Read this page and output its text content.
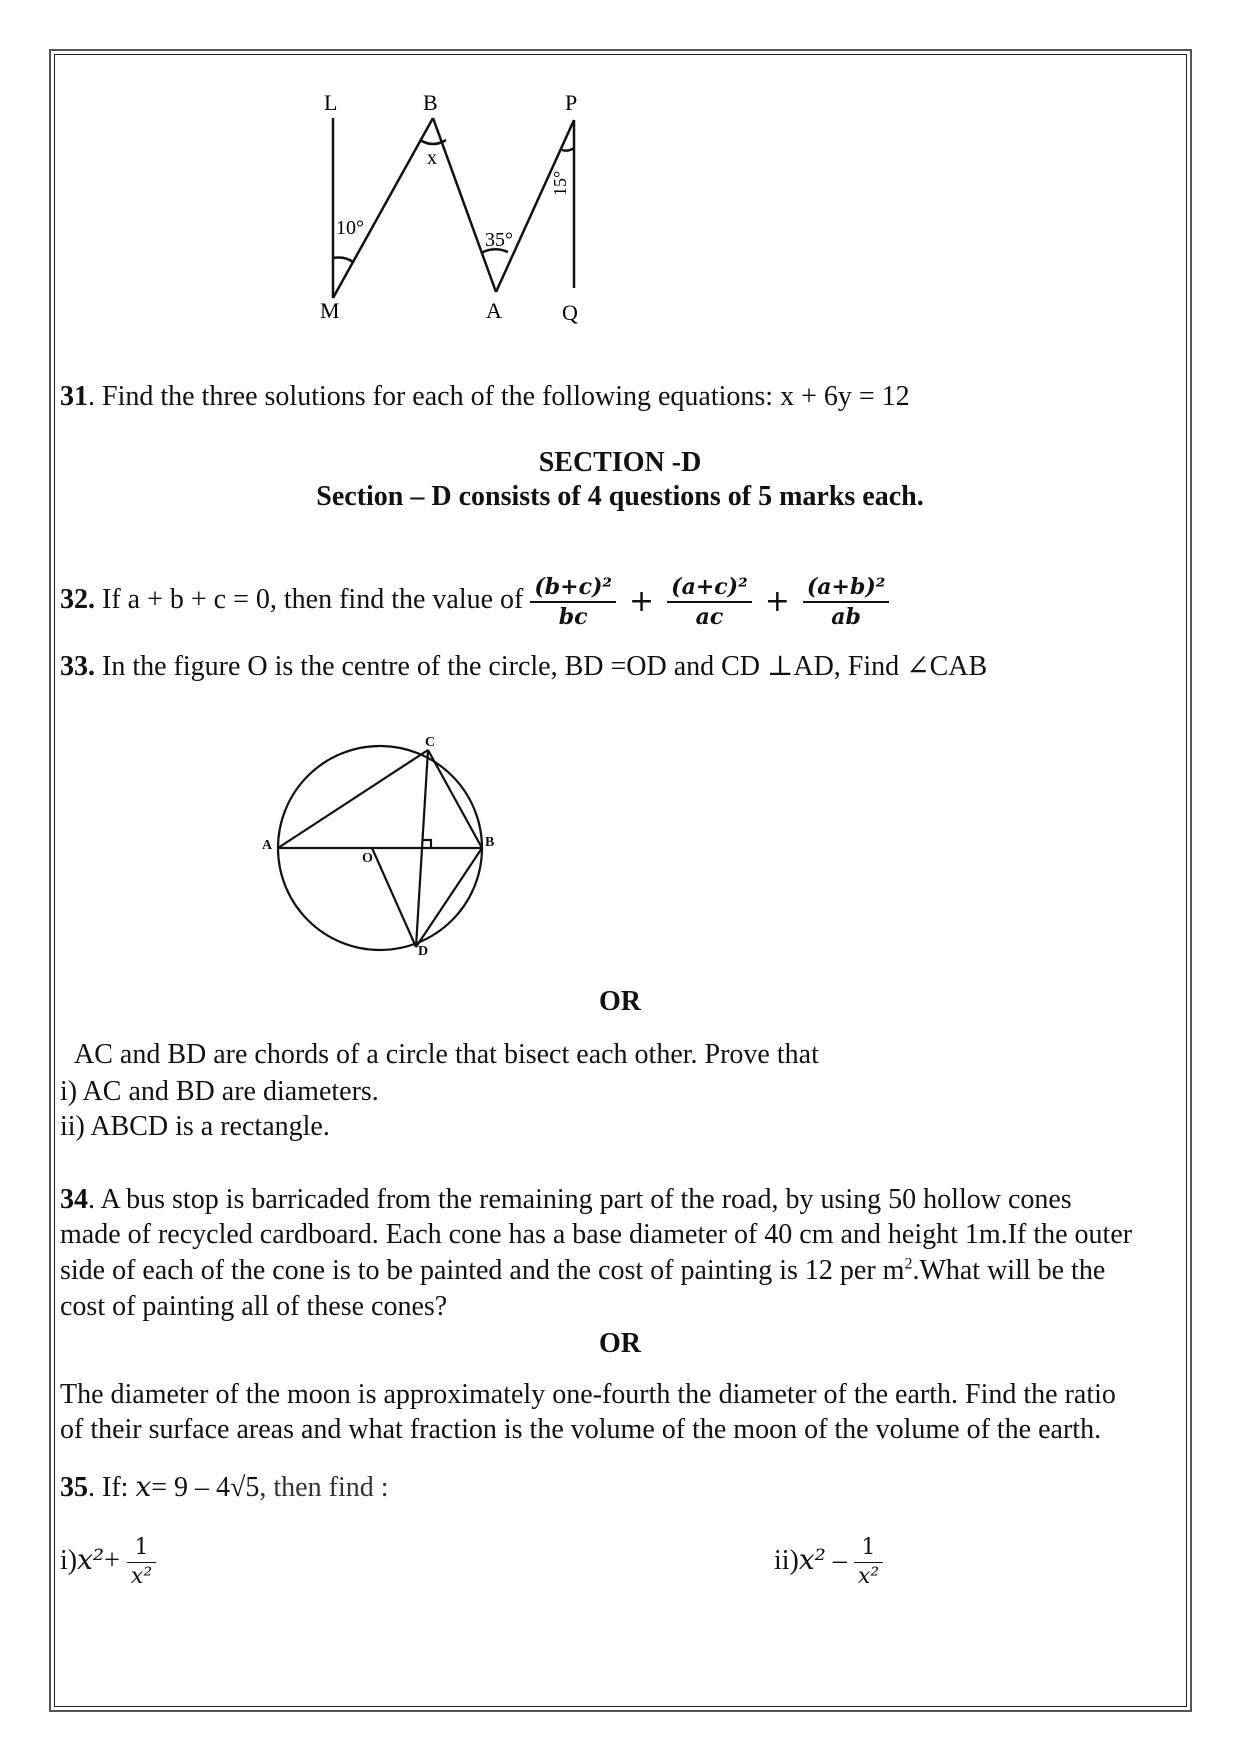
L	B	P
M	A	Q
10°
x
35°
15°
31. Find the three solutions for each of the following equations: x + 6y = 12
SECTION -D
Section – D consists of 4 questions of 5 marks each.
32. If a + b + c = 0, then find the value of $\frac{\text{(b+c)²}}{bc} + \frac{\text{(a+c)²}}{ac} + \frac{\text{(a+b)²}}{ab}$
33. In the figure O is the centre of the circle, BD =OD and CD ⊥AD, Find ∠CAB
A
O
B
C
D
OR
AC and BD are chords of a circle that bisect each other. Prove that
i) AC and BD are diameters.
ii) ABCD is a rectangle.
34. A bus stop is barricaded from the remaining part of the road, by using 50 hollow cones
made of recycled cardboard. Each cone has a base diameter of 40 cm and height 1m.If the outer
side of each of the cone is to be painted and the cost of painting is 12 per $m^2.What$ will be the
cost of painting all of these cones?
OR
The diameter of the moon is approximately one-fourth the diameter of the earth. Find the ratio
of their surface areas and what fraction is the volume of the moon of the volume of the earth.
35. If: x= 9 – 4√5, then find :
$i)x^2+ \frac{1}{\text{x²}}$	$ii)x^2 - \frac{1}{\text{x²}}$
